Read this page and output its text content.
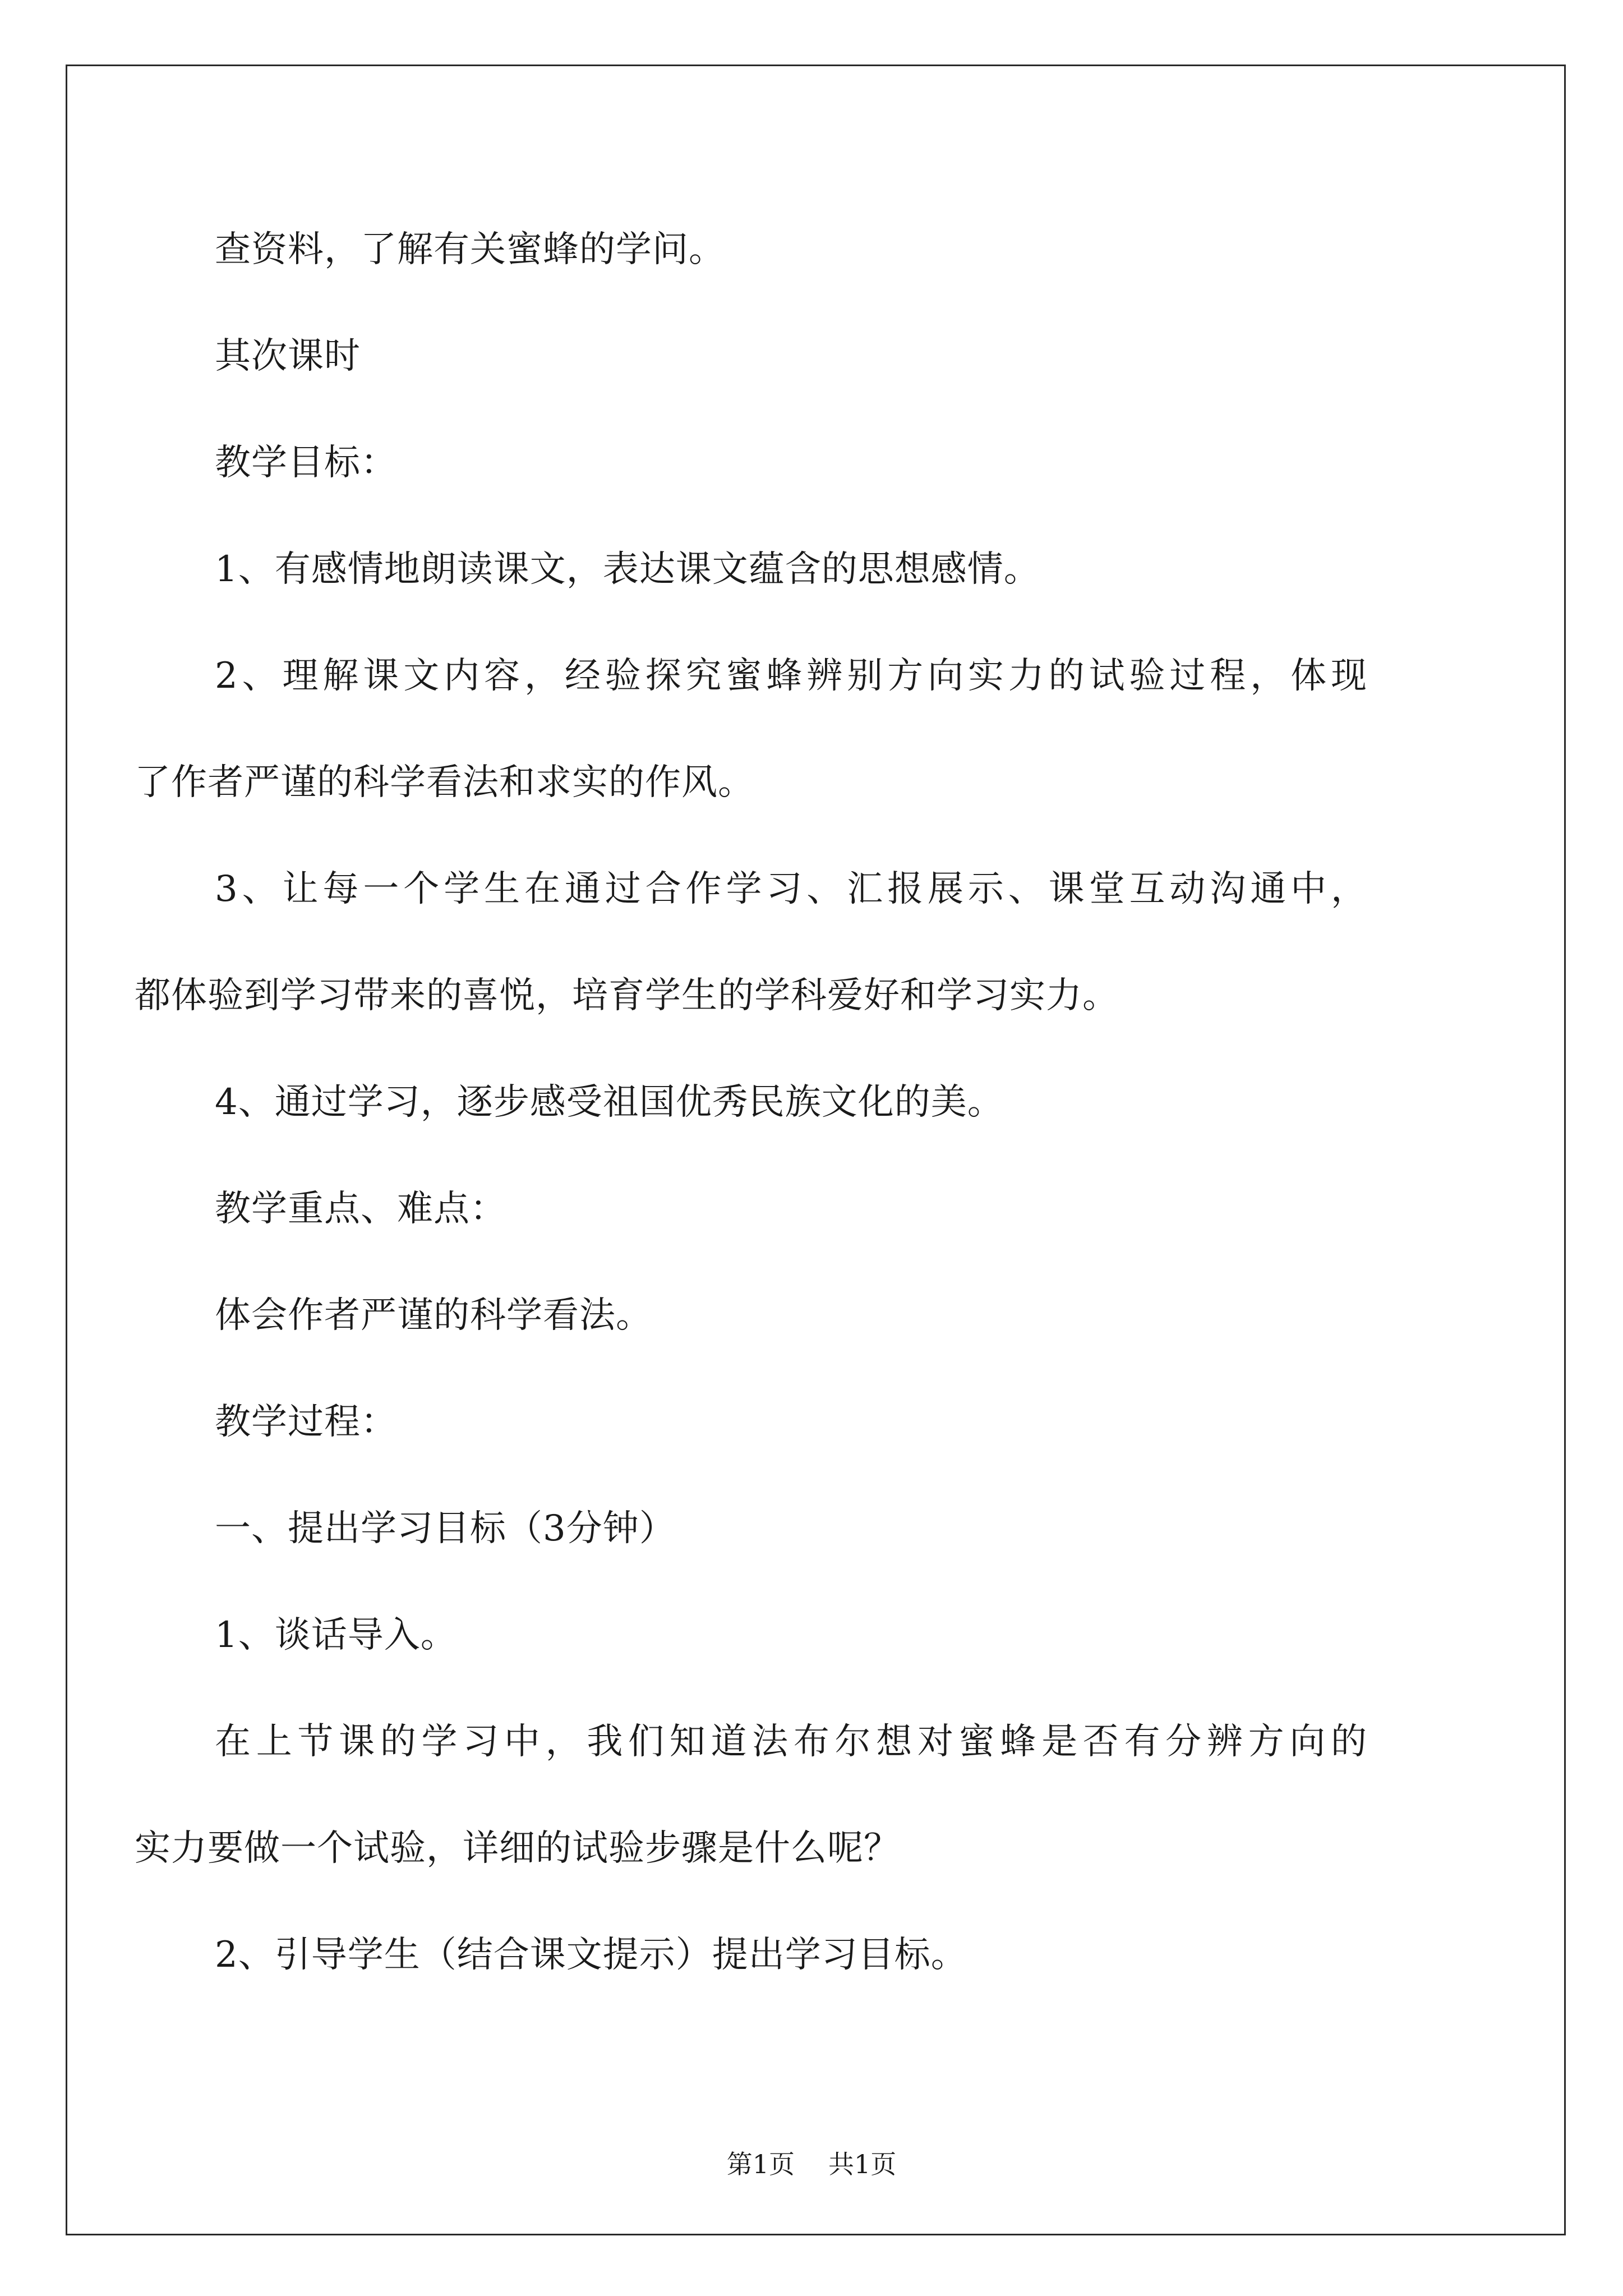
查资料，了解有关蜜蜂的学问。
其次课时
教学目标：
1、有感情地朗读课文，表达课文蕴含的思想感情。
2、理解课文内容，经验探究蜜蜂辨别方向实力的试验过程，体现
了作者严谨的科学看法和求实的作风。
3、让每一个学生在通过合作学习、汇报展示、课堂互动沟通中，
都体验到学习带来的喜悦，培育学生的学科爱好和学习实力。
4、通过学习，逐步感受祖国优秀民族文化的美。
教学重点、难点：
体会作者严谨的科学看法。
教学过程：
一、提出学习目标（3分钟）
1、谈话导入。
在上节课的学习中，我们知道法布尔想对蜜蜂是否有分辨方向的
实力要做一个试验，详细的试验步骤是什么呢？
2、引导学生（结合课文提示）提出学习目标。
第1页 共1页
